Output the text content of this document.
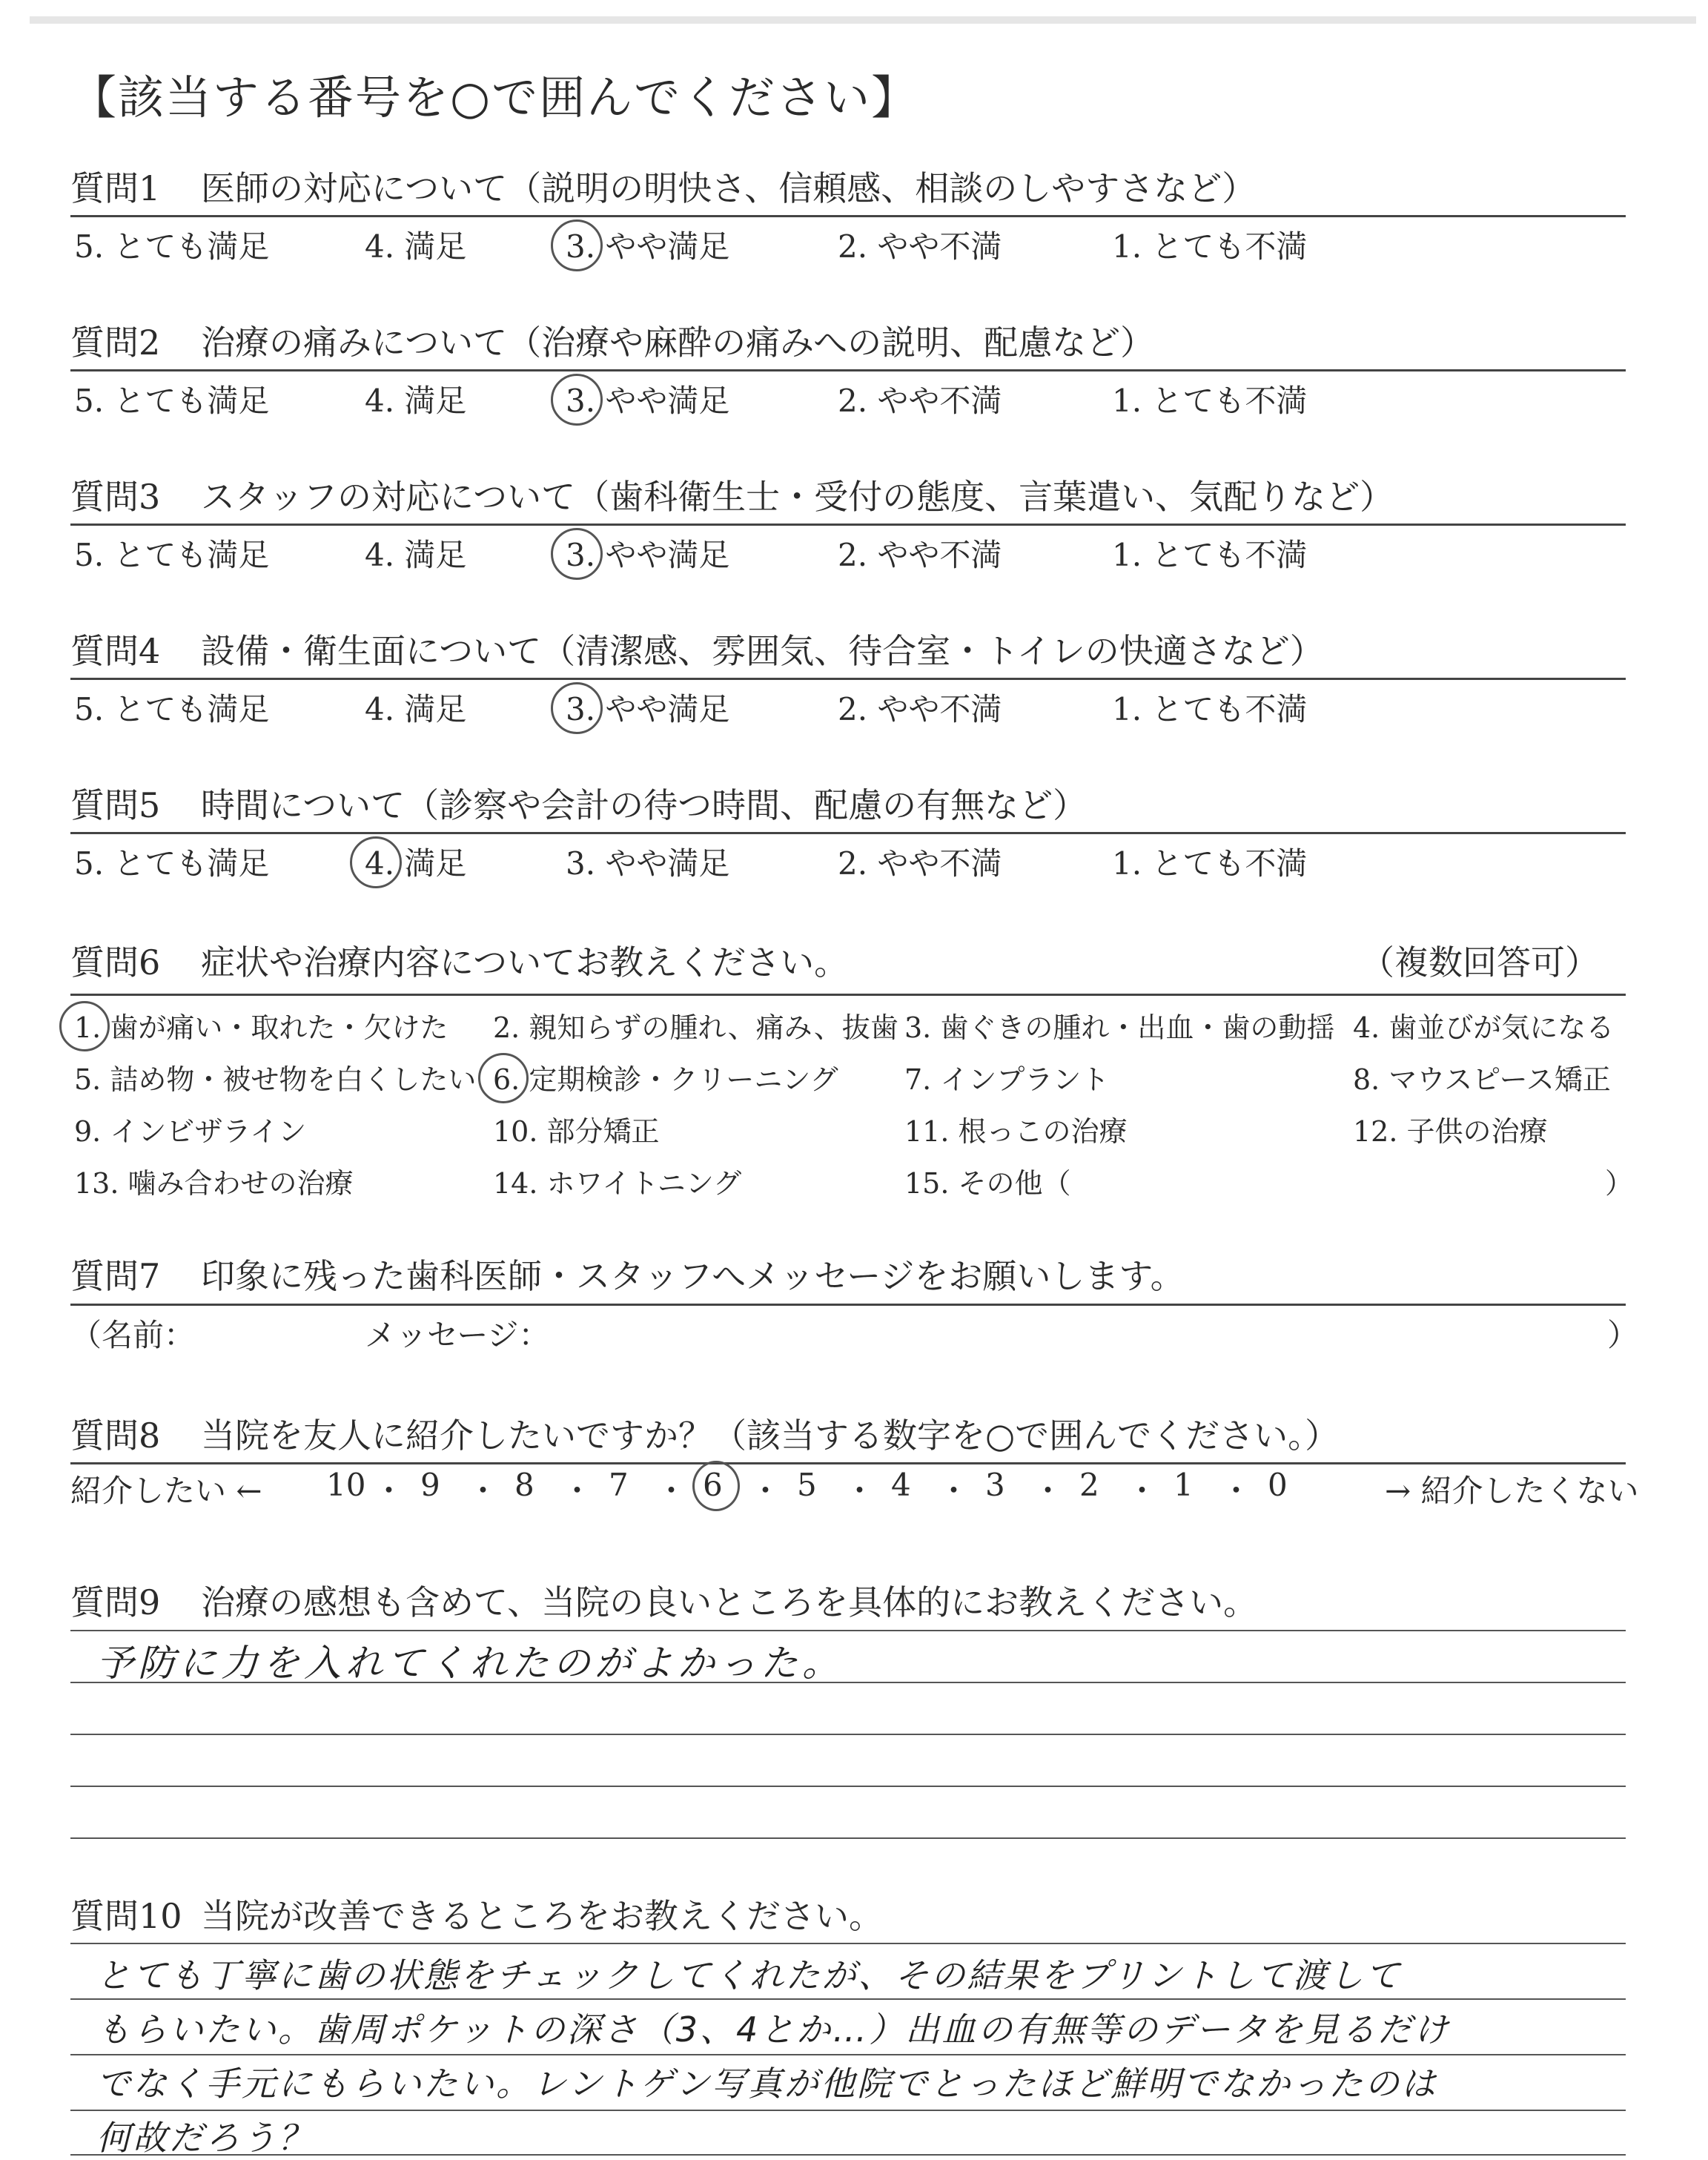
【該当する番号を○で囲んでください】
質問1 医師の対応について（説明の明快さ、信頼感、相談のしやすさなど）
5. とても満足	4. 満足	3. やや満足	2. やや不満	1. とても不満
質問2 治療の痛みについて（治療や麻酔の痛みへの説明、配慮など）
5. とても満足	4. 満足	3. やや満足	2. やや不満	1. とても不満
質問3 スタッフの対応について（歯科衛生士・受付の態度、言葉遣い、気配りなど）
5. とても満足	4. 満足	3. やや満足	2. やや不満	1. とても不満
質問4 設備・衛生面について（清潔感、雰囲気、待合室・トイレの快適さなど）
5. とても満足	4. 満足	3. やや満足	2. やや不満	1. とても不満
質問5 時間について（診察や会計の待つ時間、配慮の有無など）
5. とても満足	4. 満足	3. やや満足	2. やや不満	1. とても不満
質問6 症状や治療内容についてお教えください。	（複数回答可）
1. 歯が痛い・取れた・欠けた 2. 親知らずの腫れ、痛み、抜歯 3. 歯ぐきの腫れ・出血・歯の動揺 4. 歯並びが気になる
5. 詰め物・被せ物を白くしたい 6. 定期検診・クリーニング 7. インプラント	8. マウスピース矯正
9. インビザライン	10. 部分矯正	11. 根っこの治療	12. 子供の治療
13. 噛み合わせの治療	14. ホワイトニング	15. その他（	）
質問7 印象に残った歯科医師・スタッフへメッセージをお願いします。
（名前：	メッセージ：	）
質問8 当院を友人に紹介したいですか？（該当する数字を○で囲んでください。）
紹介したい ←	→ 紹介したくない
10 ・ 9 ・ 8 ・ 7 ・ 6 ・ 5 ・ 4 ・ 3 ・ 2 ・ 1 ・ 0
質問9 治療の感想も含めて、当院の良いところを具体的にお教えください。
予防に力を入れてくれたのがよかった。
質問10 当院が改善できるところをお教えください。
とても丁寧に歯の状態をチェックしてくれたが、その結果をプリントして渡して
もらいたい。歯周ポケットの深さ（3、4とか…）出血の有無等のデータを見るだけ
でなく手元にもらいたい。レントゲン写真が他院でとったほど鮮明でなかったのは
何故だろう？
